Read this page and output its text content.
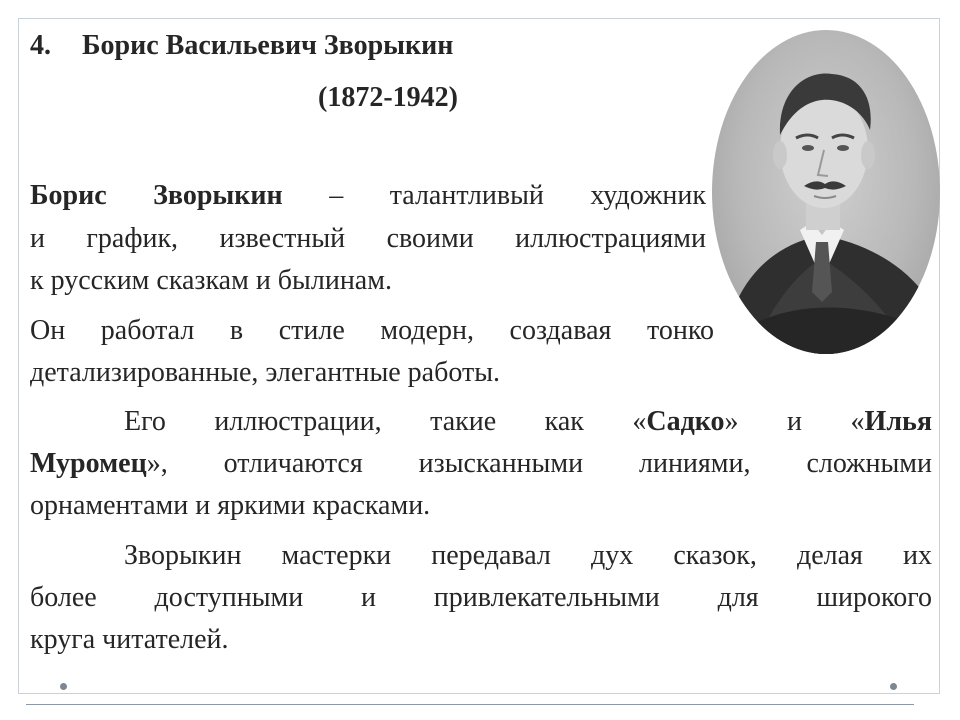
4. Борис Васильевич Зворыкин
(1872-1942)
Борис Зворыкин – талантливый художник
и график, известный своими иллюстрациями
к русским сказкам и былинам.
Он работал в стиле модерн, создавая тонко
детализированные, элегантные работы.
Его иллюстрации, такие как «Садко» и «Илья
Муромец», отличаются изысканными линиями, сложными
орнаментами и яркими красками.
Зворыкин мастерки передавал дух сказок, делая их
более доступными и привлекательными для широкого
круга читателей.
